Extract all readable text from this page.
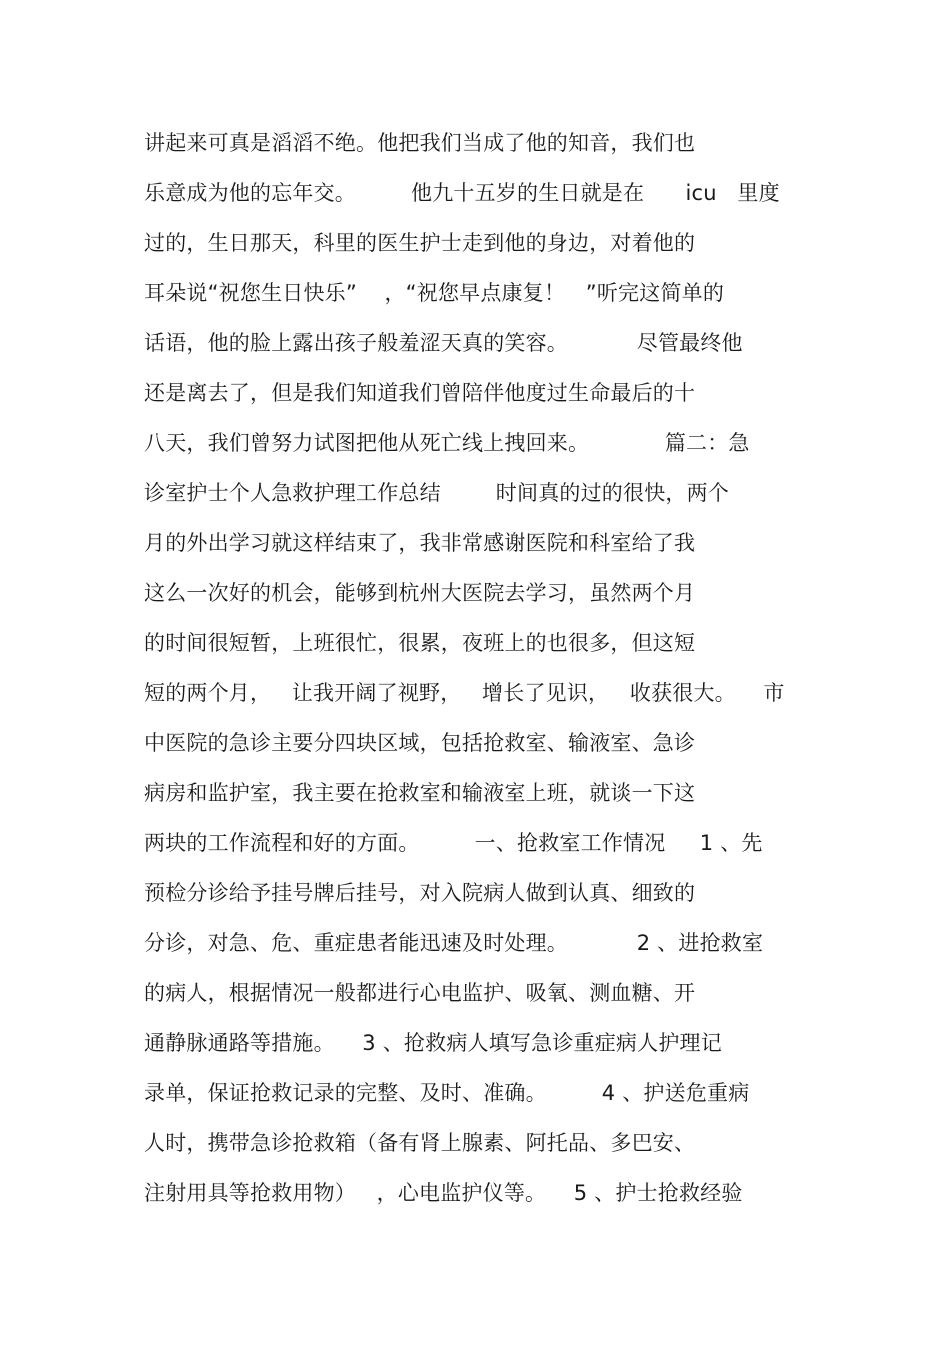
讲起来可真是滔滔不绝。他把我们当成了他的知音，我们也
乐意成为他的忘年交。        他九十五岁的生日就是在      icu   里度
过的，生日那天，科里的医生护士走到他的身边，对着他的
耳朵说“祝您生日快乐”    ，“祝您早点康复！   ”听完这简单的
话语，他的脸上露出孩子般羞涩天真的笑容。          尽管最终他
还是离去了，但是我们知道我们曾陪伴他度过生命最后的十
八天，我们曾努力试图把他从死亡线上拽回来。           篇二：急
诊室护士个人急救护理工作总结        时间真的过的很快，两个
月的外出学习就这样结束了，我非常感谢医院和科室给了我
这么一次好的机会，能够到杭州大医院去学习，虽然两个月
的时间很短暂，上班很忙，很累，夜班上的也很多，但这短
短的两个月，   让我开阔了视野，   增长了见识，   收获很大。    市
中医院的急诊主要分四块区域，包括抢救室、输液室、急诊
病房和监护室，我主要在抢救室和输液室上班，就谈一下这
两块的工作流程和好的方面。        一、抢救室工作情况     1 、先
预检分诊给予挂号牌后挂号，对入院病人做到认真、细致的
分诊，对急、危、重症患者能迅速及时处理。          2 、进抢救室
的病人，根据情况一般都进行心电监护、吸氧、测血糖、开
通静脉通路等措施。    3 、抢救病人填写急诊重症病人护理记
录单，保证抢救记录的完整、及时、准确。        4 、护送危重病
人时，携带急诊抢救箱（备有肾上腺素、阿托品、多巴安、
注射用具等抢救用物）   ，心电监护仪等。    5 、护士抢救经验
